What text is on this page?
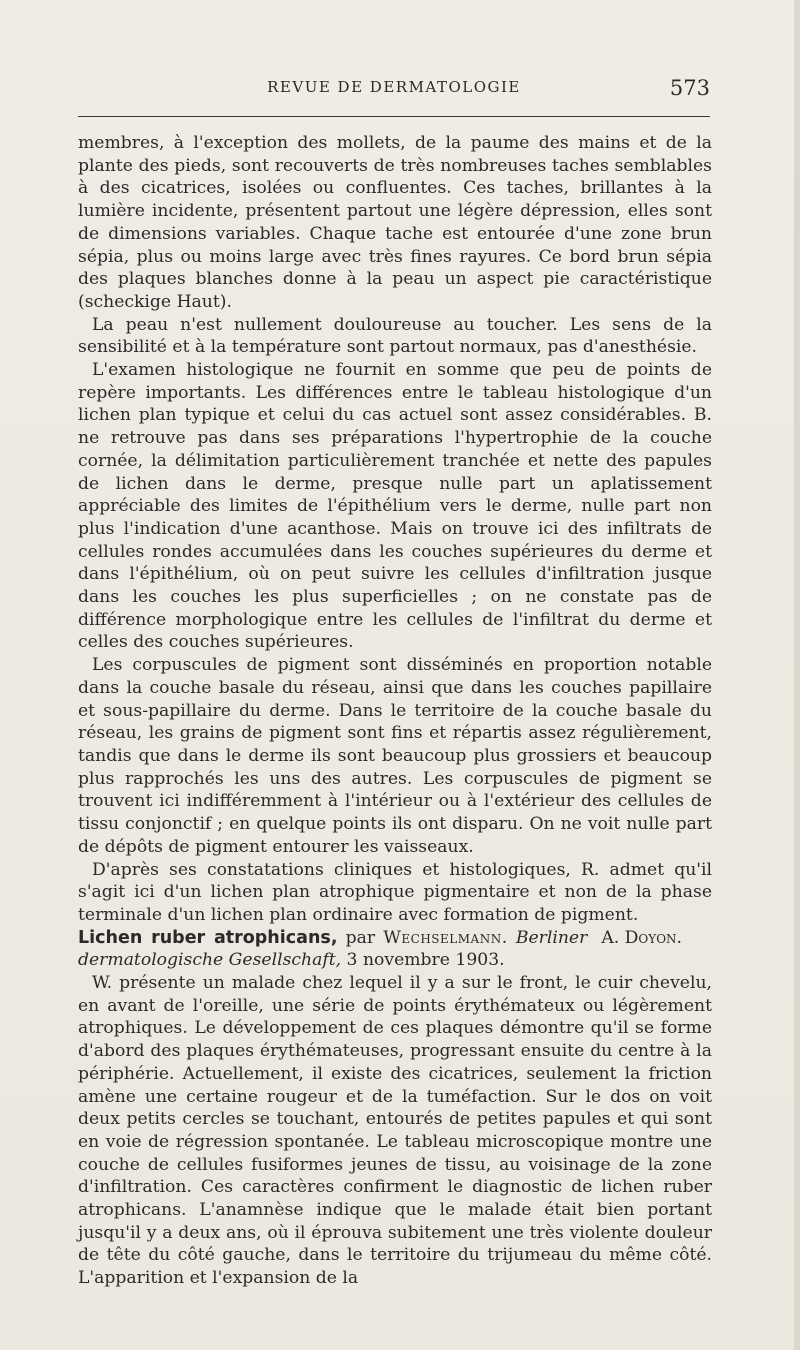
REVUE DE DERMATOLOGIE	573

membres, à l'exception des mollets, de la paume des mains et de la plante des pieds, sont recouverts de très nombreuses taches semblables à des cicatrices, isolées ou confluentes. Ces taches, brillantes à la lumière incidente, présentent partout une légère dépression, elles sont de dimensions variables. Chaque tache est entourée d'une zone brun sépia, plus ou moins large avec très fines rayures. Ce bord brun sépia des plaques blanches donne à la peau un aspect pie caractéristique (scheckige Haut).

La peau n'est nullement douloureuse au toucher. Les sens de la sensibilité et à la température sont partout normaux, pas d'anesthésie.

L'examen histologique ne fournit en somme que peu de points de repère importants. Les différences entre le tableau histologique d'un lichen plan typique et celui du cas actuel sont assez considérables. B. ne retrouve pas dans ses préparations l'hypertrophie de la couche cornée, la délimitation particulièrement tranchée et nette des papules de lichen dans le derme, presque nulle part un aplatissement appréciable des limites de l'épithélium vers le derme, nulle part non plus l'indication d'une acanthose. Mais on trouve ici des infiltrats de cellules rondes accumulées dans les couches supérieures du derme et dans l'épithélium, où on peut suivre les cellules d'infiltration jusque dans les couches les plus superficielles ; on ne constate pas de différence morphologique entre les cellules de l'infiltrat du derme et celles des couches supérieures.

Les corpuscules de pigment sont disséminés en proportion notable dans la couche basale du réseau, ainsi que dans les couches papillaire et sous-papillaire du derme. Dans le territoire de la couche basale du réseau, les grains de pigment sont fins et répartis assez régulièrement, tandis que dans le derme ils sont beaucoup plus grossiers et beaucoup plus rapprochés les uns des autres. Les corpuscules de pigment se trouvent ici indifféremment à l'intérieur ou à l'extérieur des cellules de tissu conjonctif ; en quelque points ils ont disparu. On ne voit nulle part de dépôts de pigment entourer les vaisseaux.

D'après ses constatations cliniques et histologiques, R. admet qu'il s'agit ici d'un lichen plan atrophique pigmentaire et non de la phase terminale d'un lichen plan ordinaire avec formation de pigment.
A. Doyon.

Lichen ruber atrophicans, par Wechselmann. Berliner dermatologische Gesellschaft, 3 novembre 1903.

W. présente un malade chez lequel il y a sur le front, le cuir chevelu, en avant de l'oreille, une série de points érythémateux ou légèrement atrophiques. Le développement de ces plaques démontre qu'il se forme d'abord des plaques érythémateuses, progressant ensuite du centre à la périphérie. Actuellement, il existe des cicatrices, seulement la friction amène une certaine rougeur et de la tuméfaction. Sur le dos on voit deux petits cercles se touchant, entourés de petites papules et qui sont en voie de régression spontanée. Le tableau microscopique montre une couche de cellules fusiformes jeunes de tissu, au voisinage de la zone d'infiltration. Ces caractères confirment le diagnostic de lichen ruber atrophicans. L'anamnèse indique que le malade était bien portant jusqu'il y a deux ans, où il éprouva subitement une très violente douleur de tête du côté gauche, dans le territoire du trijumeau du même côté. L'apparition et l'expansion de la
